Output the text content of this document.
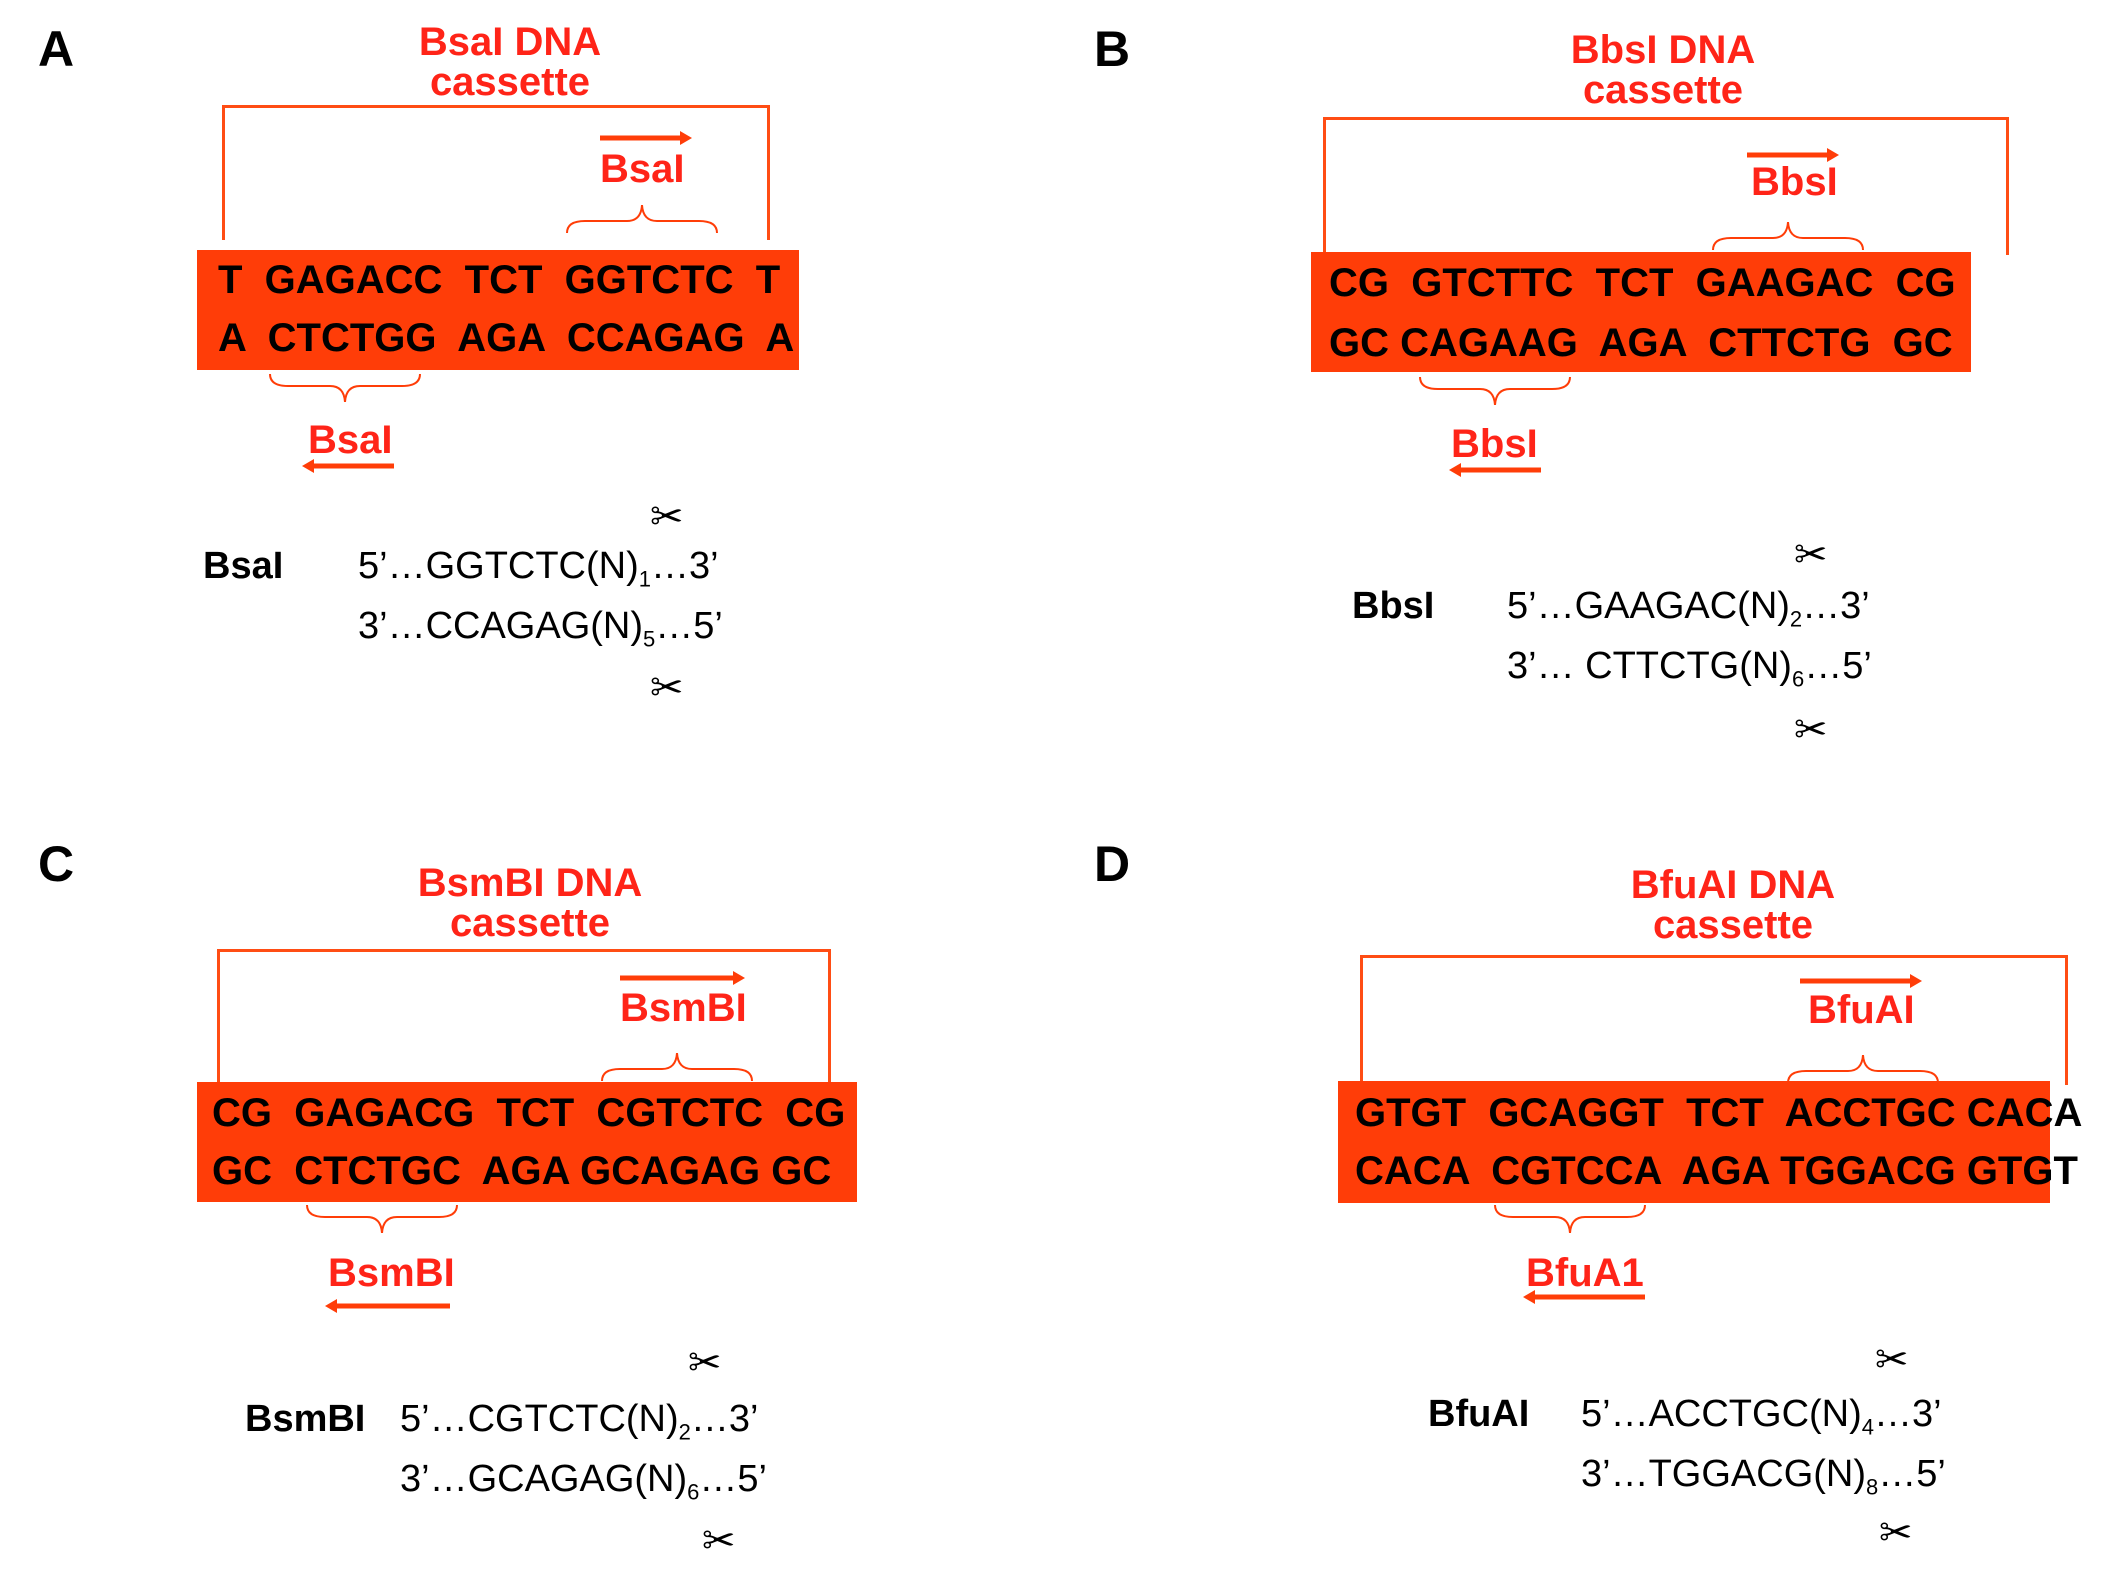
A	BsaI DNA
cassette
BsaI
T  GAGACC  TCT  GGTCTC  T
A  CTCTGG  AGA  CCAGAG  A
BsaI
BsaI
✂
$5’\dots GGTCTC(N)_1\dots 3$’
$3’\dots CCAGAG(N)_5\dots 5$’
✂
B	BbsI DNA
cassette
BbsI
CG  GTCTTC  TCT  GAAGAC  CG
GC CAGAAG  AGA  CTTCTG  GC
BbsI
BbsI
✂
$5’\dots GAAGAC(N)_2\dots 3$’
3’… $CTTCTG(N)_6\dots 5$’
✂
C	BsmBI DNA
cassette
BsmBI
CG  GAGACG  TCT  CGTCTC  CG
GC  CTCTGC  AGA GCAGAG GC
BsmBI
BsmBI
✂
$5’\dots CGTCTC(N)_2\dots 3$’
$3’\dots GCAGAG(N)_6\dots 5$’
✂
D	BfuAI DNA
cassette
BfuAI
GTGT  GCAGGT  TCT  ACCTGC CACA
CACA  CGTCCA  AGA TGGACG GTGT
BfuA1
BfuAI
✂
$5’\dots ACCTGC(N)_4\dots 3$’
$3’\dots TGGACG(N)_8\dots 5$’
✂
